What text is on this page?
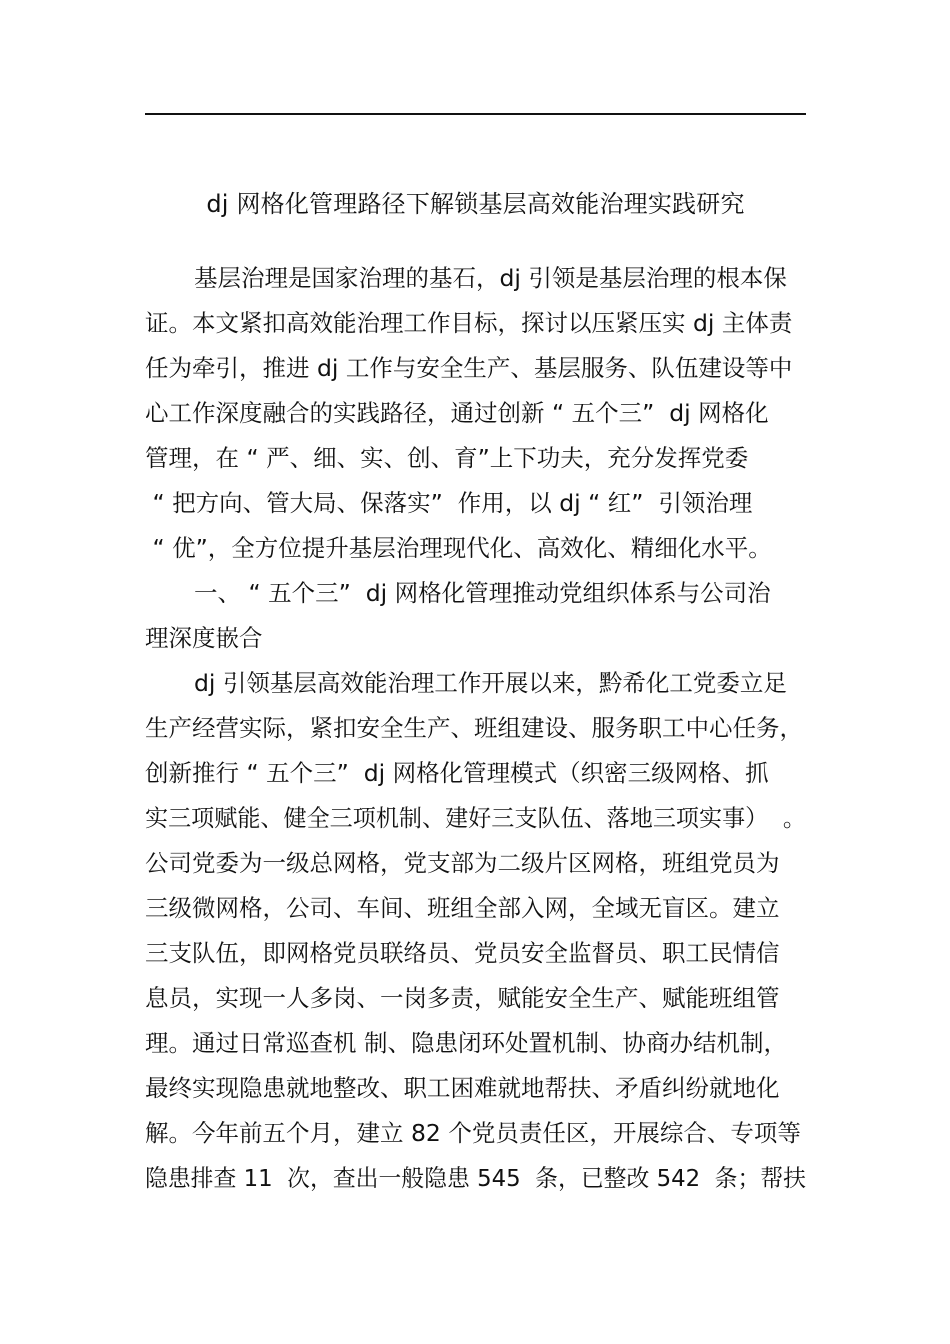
dj 网格化管理路径下解锁基层高效能治理实践研究
基层治理是国家治理的基石，dj 引领是基层治理的根本保
证。本文紧扣高效能治理工作目标，探讨以压紧压实 dj 主体责
任为牵引，推进 dj 工作与安全生产、基层服务、队伍建设等中
心工作深度融合的实践路径，通过创新 “ 五个三”  dj 网格化
管理，在 “ 严、细、实、创、育”上下功夫，充分发挥党委
“ 把方向、管大局、保落实”  作用，以 dj “ 红”  引领治理
“ 优”，全方位提升基层治理现代化、高效化、精细化水平。
一、 “ 五个三”  dj 网格化管理推动党组织体系与公司治
理深度嵌合
dj 引领基层高效能治理工作开展以来，黔希化工党委立足
生产经营实际，紧扣安全生产、班组建设、服务职工中心任务，
创新推行 “ 五个三”  dj 网格化管理模式（织密三级网格、抓
实三项赋能、健全三项机制、建好三支队伍、落地三项实事）  。
公司党委为一级总网格，党支部为二级片区网格，班组党员为
三级微网格，公司、车间、班组全部入网，全域无盲区。建立
三支队伍，即网格党员联络员、党员安全监督员、职工民情信
息员，实现一人多岗、一岗多责，赋能安全生产、赋能班组管
理。通过日常巡查机 制、隐患闭环处置机制、协商办结机制，
最终实现隐患就地整改、职工困难就地帮扶、矛盾纠纷就地化
解。今年前五个月，建立 82 个党员责任区，开展综合、专项等
隐患排查 11  次，查出一般隐患 545  条，已整改 542  条；帮扶
